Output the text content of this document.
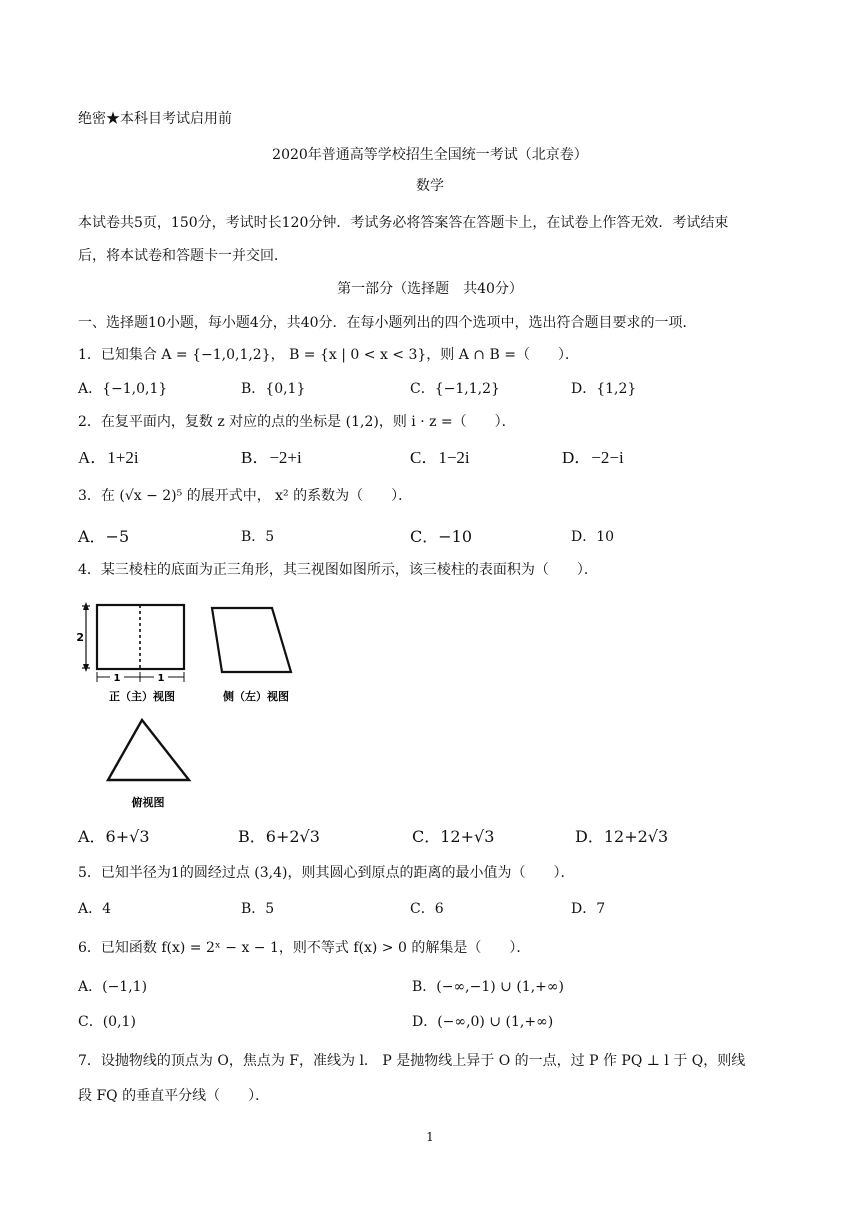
绝密★本科目考试启用前
2020年普通高等学校招生全国统一考试（北京卷）
数学
本试卷共5页，150分，考试时长120分钟．考试务必将答案答在答题卡上，在试卷上作答无效．考试结束
后，将本试卷和答题卡一并交回．
第一部分（选择题　共40分）
一、选择题10小题，每小题4分，共40分．在每小题列出的四个选项中，选出符合题目要求的一项．
1．已知集合 A = {−1,0,1,2}， B = {x | 0 < x < 3}，则 A ∩ B =（　　）．
A．{−1,0,1}	B．{0,1}	C．{−1,1,2}	D．{1,2}
2．在复平面内，复数 z 对应的点的坐标是 (1,2)，则 i · z =（　　）．
A．1+2i	B．−2+i	C．1−2i	D．−2−i
3．在 (√x − 2)⁵ 的展开式中， x² 的系数为（　　）．
A．−5	B．5	C．−10	D．10
4．某三棱柱的底面为正三角形，其三视图如图所示，该三棱柱的表面积为（　　）．
2
1	1
正（主）视图	侧（左）视图
俯视图
A．6+√3	B．6+2√3	C．12+√3	D．12+2√3
5．已知半径为1的圆经过点 (3,4)，则其圆心到原点的距离的最小值为（　　）．
A．4	B．5	C．6	D．7
6．已知函数 f(x) = 2ˣ − x − 1，则不等式 f(x) > 0 的解集是（　　）．
A．(−1,1)	B．(−∞,−1) ∪ (1,+∞)
C．(0,1)	D．(−∞,0) ∪ (1,+∞)
7．设抛物线的顶点为 O，焦点为 F，准线为 l． P 是抛物线上异于 O 的一点，过 P 作 PQ ⊥ l 于 Q，则线
段 FQ 的垂直平分线（　　）．
1
